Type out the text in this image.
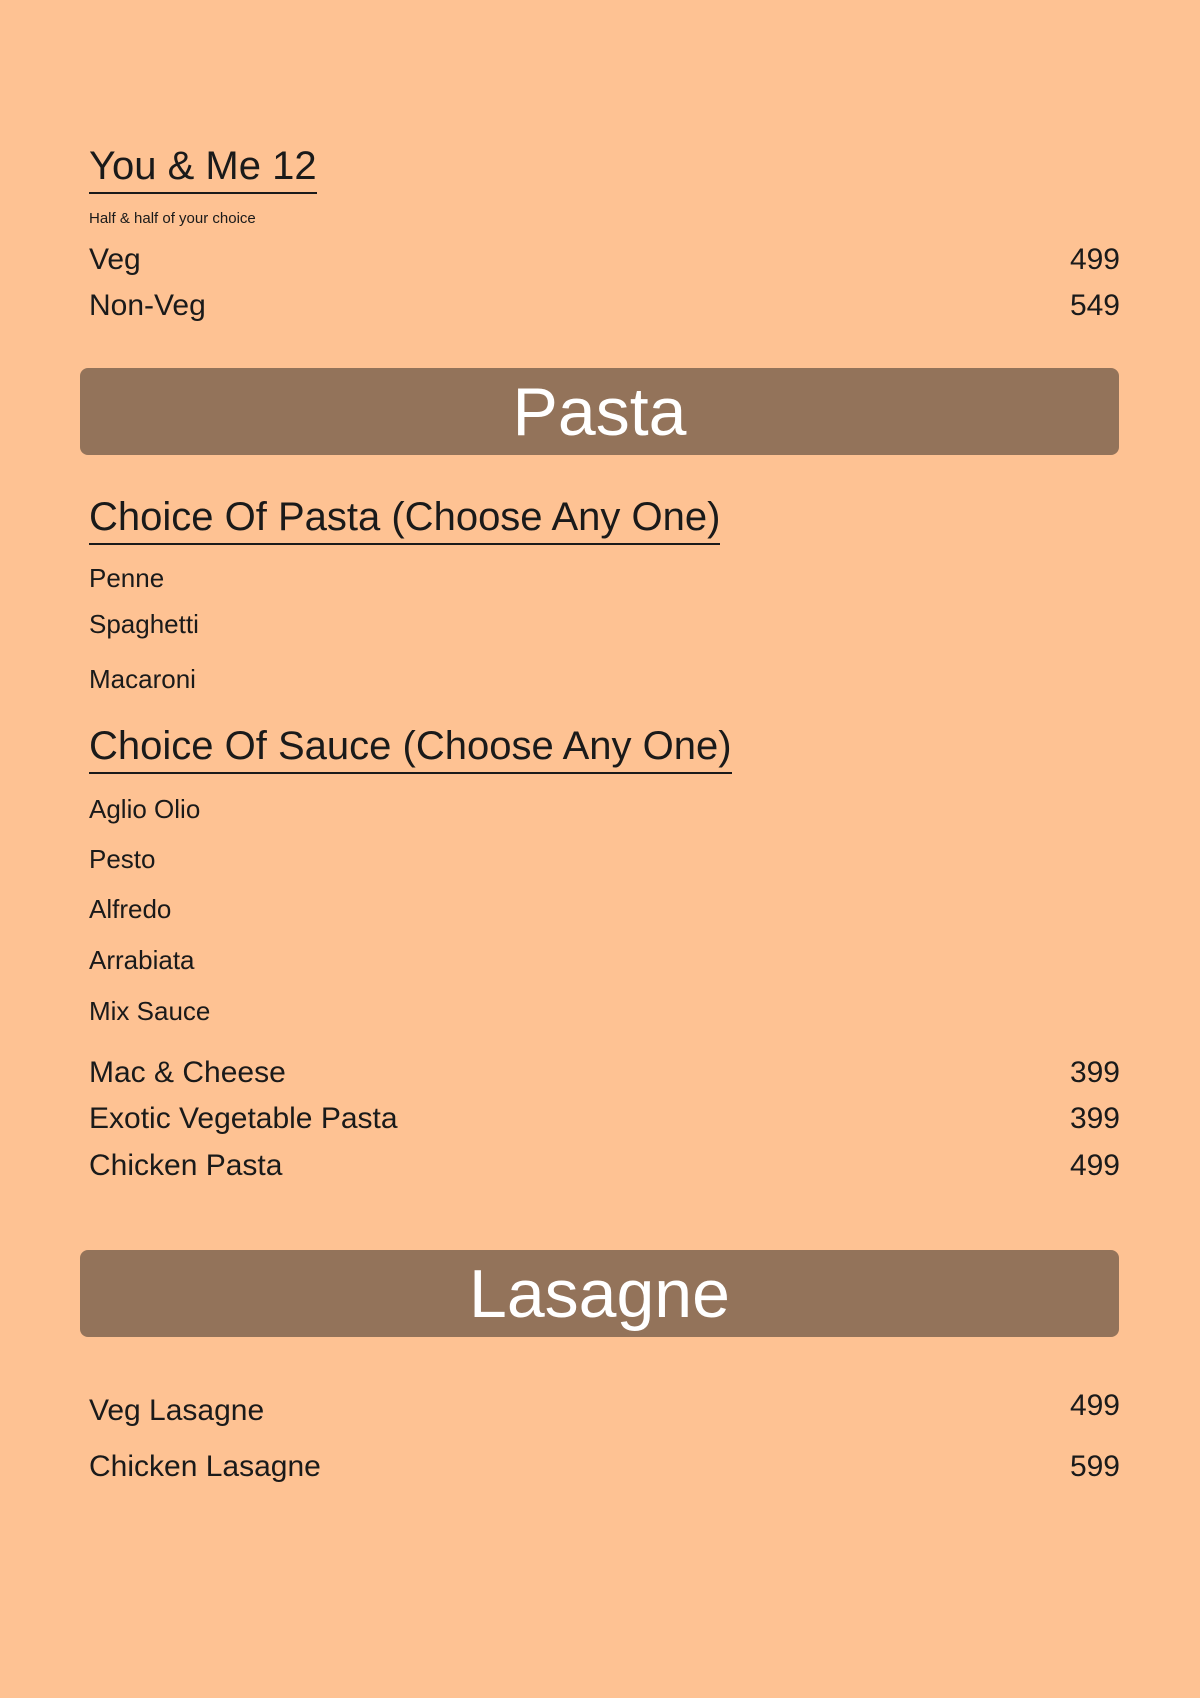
You & Me 12
Half & half of your choice
Veg	499
Non-Veg	549
Pasta
Choice Of Pasta (Choose Any One)
Penne
Spaghetti
Macaroni
Choice Of Sauce (Choose Any One)
Aglio Olio
Pesto
Alfredo
Arrabiata
Mix Sauce
Mac & Cheese	399
Exotic Vegetable Pasta	399
Chicken Pasta	499
Lasagne
Veg Lasagne	499
Chicken Lasagne	599
